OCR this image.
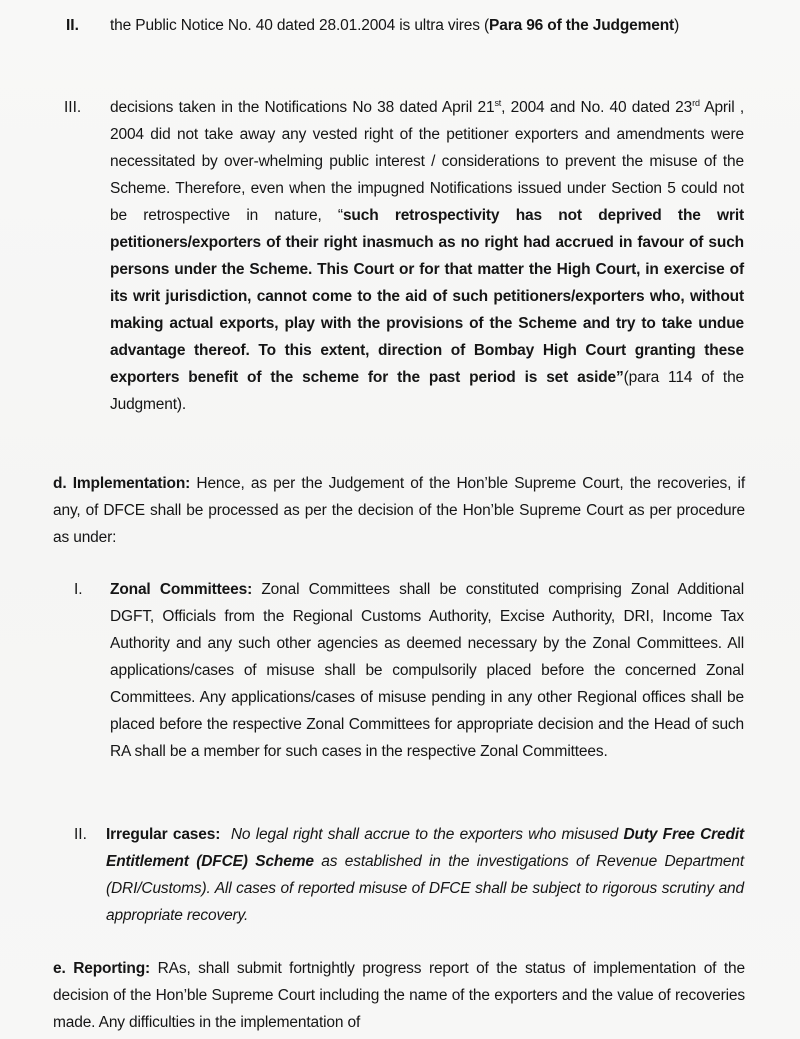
II. the Public Notice No. 40 dated 28.01.2004 is ultra vires (Para 96 of the Judgement)
III. decisions taken in the Notifications No 38 dated April 21st, 2004 and No. 40 dated 23rd April , 2004 did not take away any vested right of the petitioner exporters and amendments were necessitated by over-whelming public interest / considerations to prevent the misuse of the Scheme. Therefore, even when the impugned Notifications issued under Section 5 could not be retrospective in nature, “such retrospectivity has not deprived the writ petitioners/exporters of their right inasmuch as no right had accrued in favour of such persons under the Scheme. This Court or for that matter the High Court, in exercise of its writ jurisdiction, cannot come to the aid of such petitioners/exporters who, without making actual exports, play with the provisions of the Scheme and try to take undue advantage thereof. To this extent, direction of Bombay High Court granting these exporters benefit of the scheme for the past period is set aside”(para 114 of the Judgment).
d. Implementation: Hence, as per the Judgement of the Hon’ble Supreme Court, the recoveries, if any, of DFCE shall be processed as per the decision of the Hon’ble Supreme Court as per procedure as under:
I. Zonal Committees: Zonal Committees shall be constituted comprising Zonal Additional DGFT, Officials from the Regional Customs Authority, Excise Authority, DRI, Income Tax Authority and any such other agencies as deemed necessary by the Zonal Committees. All applications/cases of misuse shall be compulsorily placed before the concerned Zonal Committees. Any applications/cases of misuse pending in any other Regional offices shall be placed before the respective Zonal Committees for appropriate decision and the Head of such RA shall be a member for such cases in the respective Zonal Committees.
II. Irregular cases: No legal right shall accrue to the exporters who misused Duty Free Credit Entitlement (DFCE) Scheme as established in the investigations of Revenue Department (DRI/Customs). All cases of reported misuse of DFCE shall be subject to rigorous scrutiny and appropriate recovery.
e. Reporting: RAs, shall submit fortnightly progress report of the status of implementation of the decision of the Hon’ble Supreme Court including the name of the exporters and the value of recoveries made. Any difficulties in the implementation of
